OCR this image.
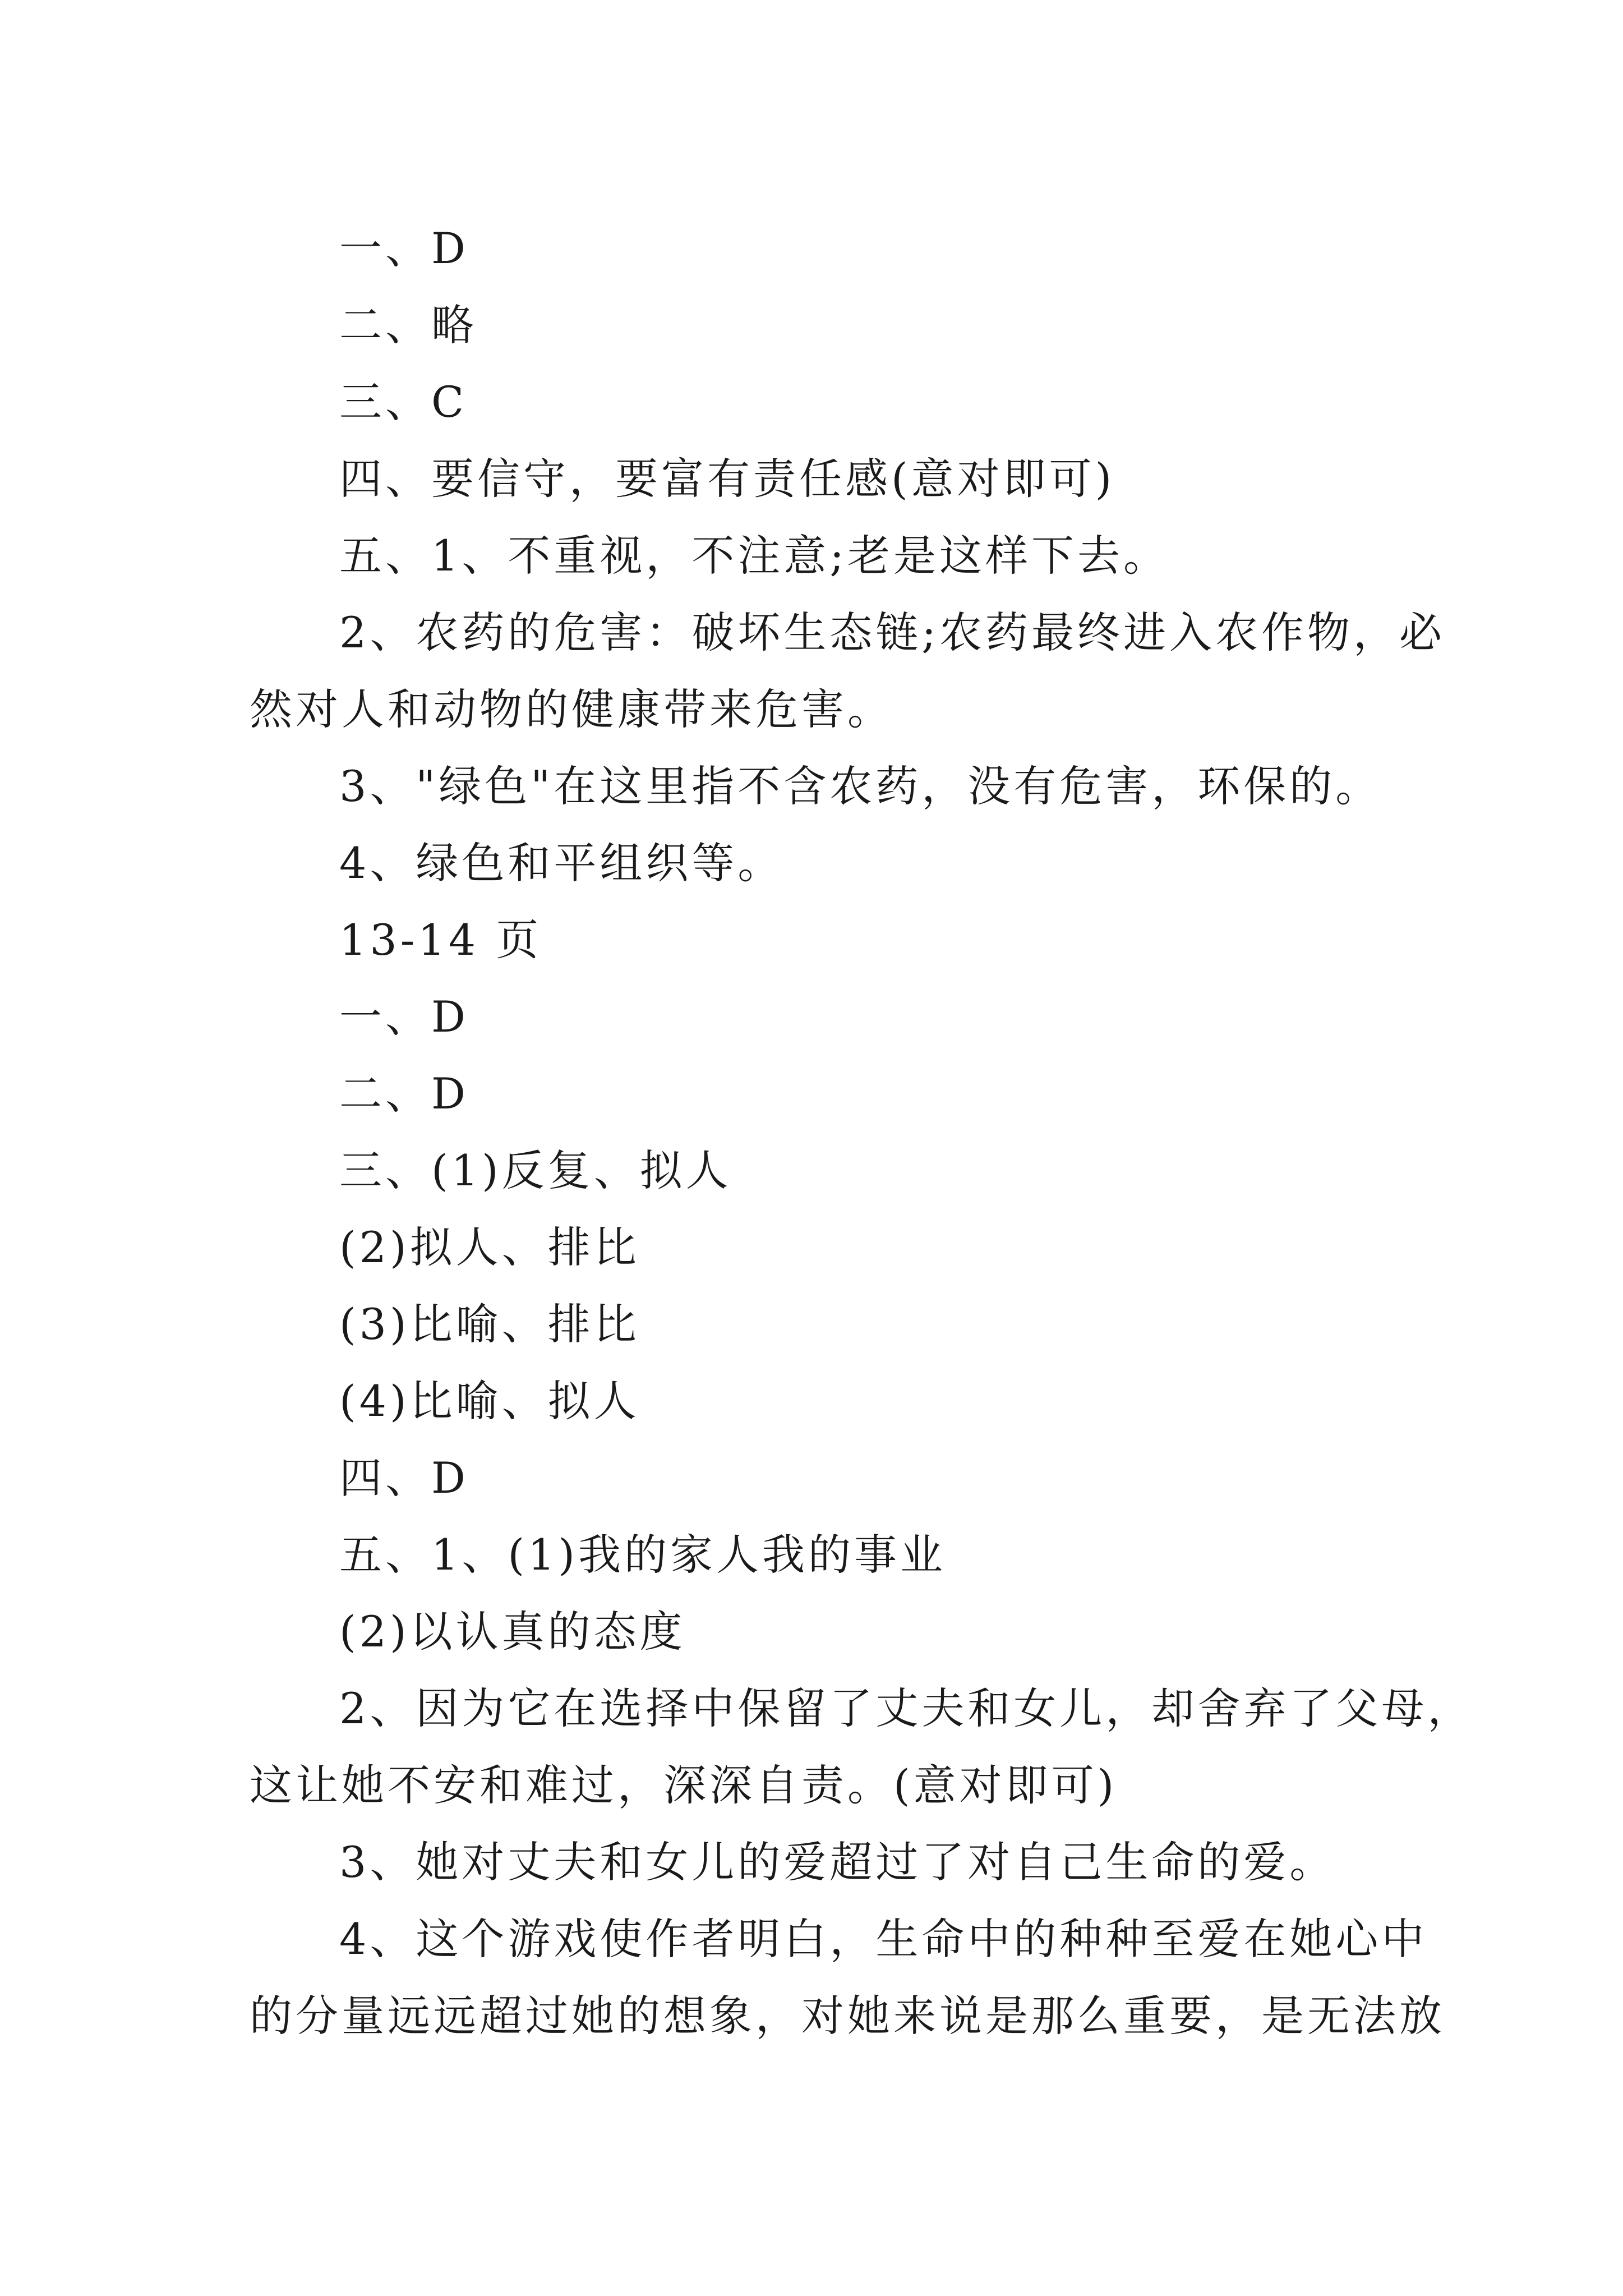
一、D
二、略
三、C
四、要信守，要富有责任感(意对即可)
五、1、不重视，不注意;老是这样下去。
2、农药的危害：破坏生态链;农药最终进入农作物，必
然对人和动物的健康带来危害。
3、"绿色"在这里指不含农药，没有危害，环保的。
4、绿色和平组织等。
13-14 页
一、D
二、D
三、(1)反复、拟人
(2)拟人、排比
(3)比喻、排比
(4)比喻、拟人
四、D
五、1、(1)我的家人我的事业
(2)以认真的态度
2、因为它在选择中保留了丈夫和女儿，却舍弃了父母，
这让她不安和难过，深深自责。(意对即可)
3、她对丈夫和女儿的爱超过了对自己生命的爱。
4、这个游戏使作者明白，生命中的种种至爱在她心中
的分量远远超过她的想象，对她来说是那么重要，是无法放
